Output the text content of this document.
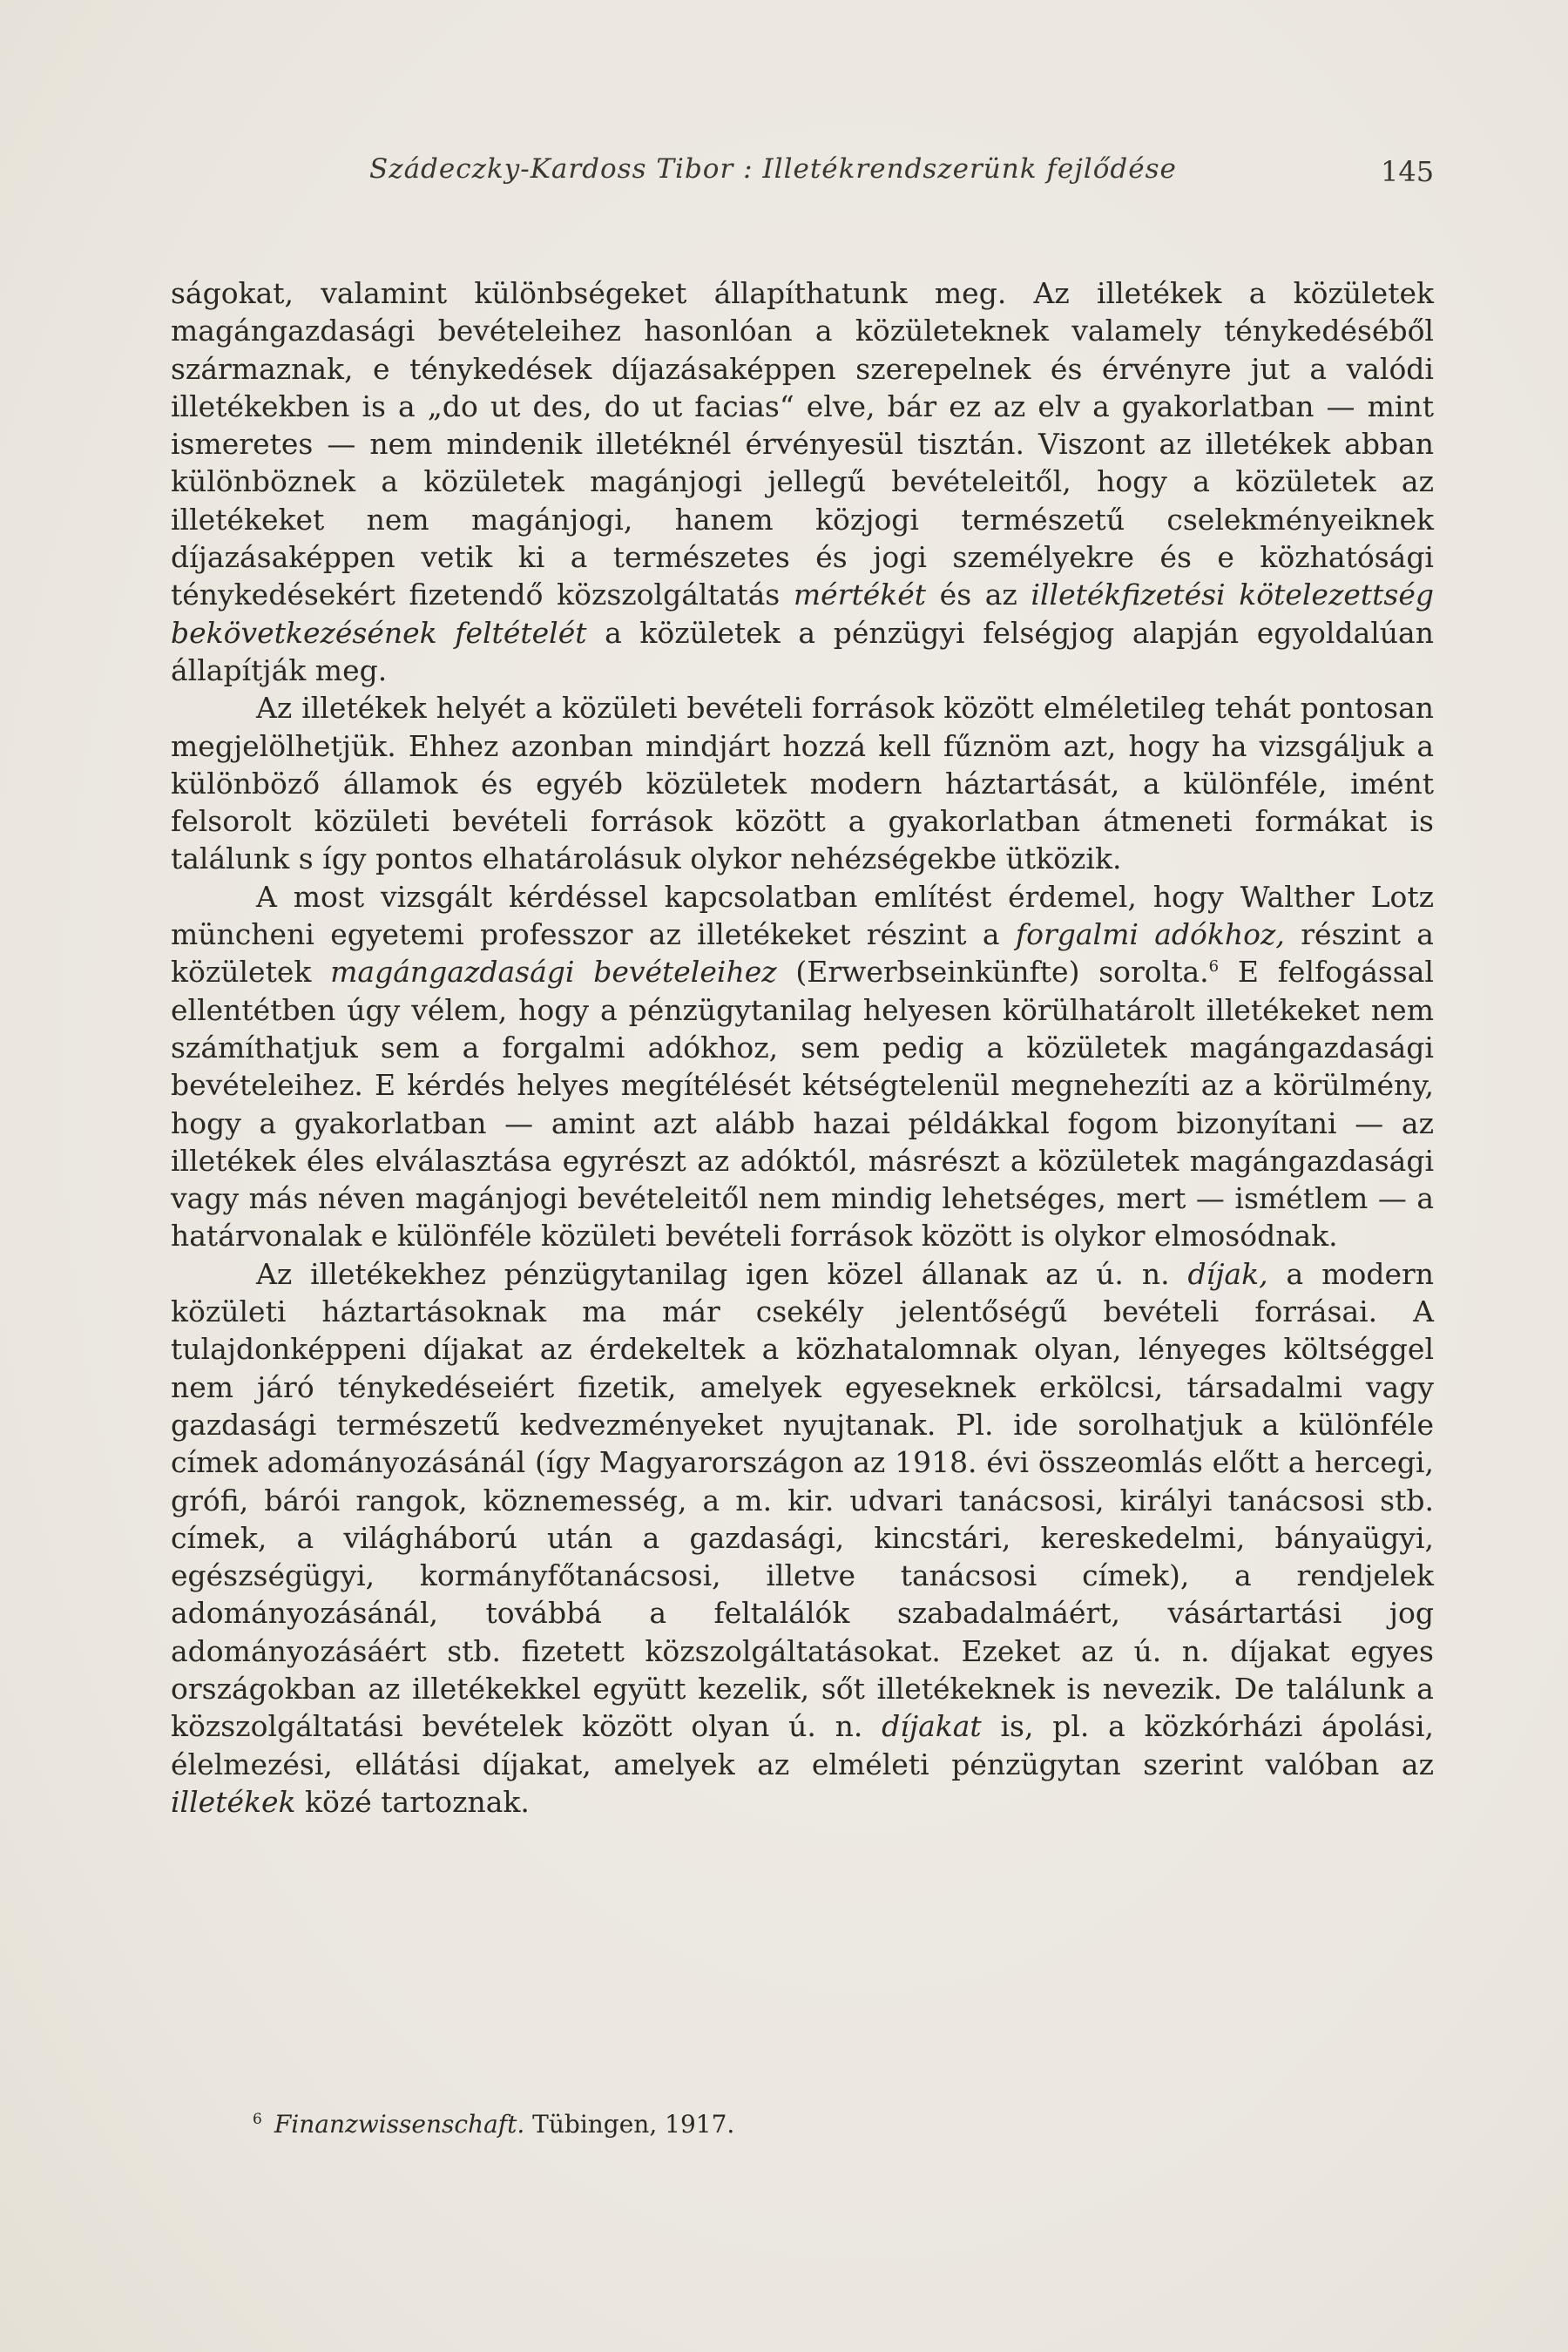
Szádeczky-Kardoss Tibor : Illetékrendszerünk fejlődése	145

ságokat, valamint különbségeket állapíthatunk meg. Az illetékek a közületek magángazdasági bevételeihez hasonlóan a közületeknek valamely ténykedéséből származnak, e ténykedések díjazásaképpen szerepelnek és érvényre jut a valódi illetékekben is a „do ut des, do ut facias“ elve, bár ez az elv a gyakorlatban — mint ismeretes — nem mindenik illetéknél érvényesül tisztán. Viszont az illetékek abban különböznek a közületek magánjogi jellegű bevételeitől, hogy a közületek az illetékeket nem magánjogi, hanem közjogi természetű cselekményeiknek díjazásaképpen vetik ki a természetes és jogi személyekre és e közhatósági ténykedésekért fizetendő közszolgáltatás mértékét és az illetékfizetési kötelezettség bekövetkezésének feltételét a közületek a pénzügyi felségjog alapján egyoldalúan állapítják meg.

Az illetékek helyét a közületi bevételi források között elméletileg tehát pontosan megjelölhetjük. Ehhez azonban mindjárt hozzá kell fűznöm azt, hogy ha vizsgáljuk a különböző államok és egyéb közületek modern háztartását, a különféle, imént felsorolt közületi bevételi források között a gyakorlatban átmeneti formákat is találunk s így pontos elhatárolásuk olykor nehézségekbe ütközik.

A most vizsgált kérdéssel kapcsolatban említést érdemel, hogy Walther Lotz müncheni egyetemi professzor az illetékeket részint a forgalmi adókhoz, részint a közületek magángazdasági bevételeihez (Erwerbseinkünfte) sorolta.$^6$ E felfogással ellentétben úgy vélem, hogy a pénzügytanilag helyesen körülhatárolt illetékeket nem számíthatjuk sem a forgalmi adókhoz, sem pedig a közületek magángazdasági bevételeihez. E kérdés helyes megítélését kétségtelenül megnehezíti az a körülmény, hogy a gyakorlatban — amint azt alább hazai példákkal fogom bizonyítani — az illetékek éles elválasztása egyrészt az adóktól, másrészt a közületek magángazdasági vagy más néven magánjogi bevételeitől nem mindig lehetséges, mert — ismétlem — a határvonalak e különféle közületi bevételi források között is olykor elmosódnak.

Az illetékekhez pénzügytanilag igen közel állanak az ú. n. díjak, a modern közületi háztartásoknak ma már csekély jelentőségű bevételi forrásai. A tulajdonképpeni díjakat az érdekeltek a közhatalomnak olyan, lényeges költséggel nem járó ténykedéseiért fizetik, amelyek egyeseknek erkölcsi, társadalmi vagy gazdasági természetű kedvezményeket nyujtanak. Pl. ide sorolhatjuk a különféle címek adományozásánál (így Magyarországon az 1918. évi összeomlás előtt a hercegi, grófi, bárói rangok, köznemesség, a m. kir. udvari tanácsosi, királyi tanácsosi stb. címek, a világháború után a gazdasági, kincstári, kereskedelmi, bányaügyi, egészségügyi, kormányfőtanácsosi, illetve tanácsosi címek), a rendjelek adományozásánál, továbbá a feltalálók szabadalmáért, vásártartási jog adományozásáért stb. fizetett közszolgáltatásokat. Ezeket az ú. n. díjakat egyes országokban az illetékekkel együtt kezelik, sőt illetékeknek is nevezik. De találunk a közszolgáltatási bevételek között olyan ú. n. díjakat is, pl. a közkórházi ápolási, élelmezési, ellátási díjakat, amelyek az elméleti pénzügytan szerint valóban az illetékek közé tartoznak.

$^6$ Finanzwissenschaft. Tübingen, 1917.
